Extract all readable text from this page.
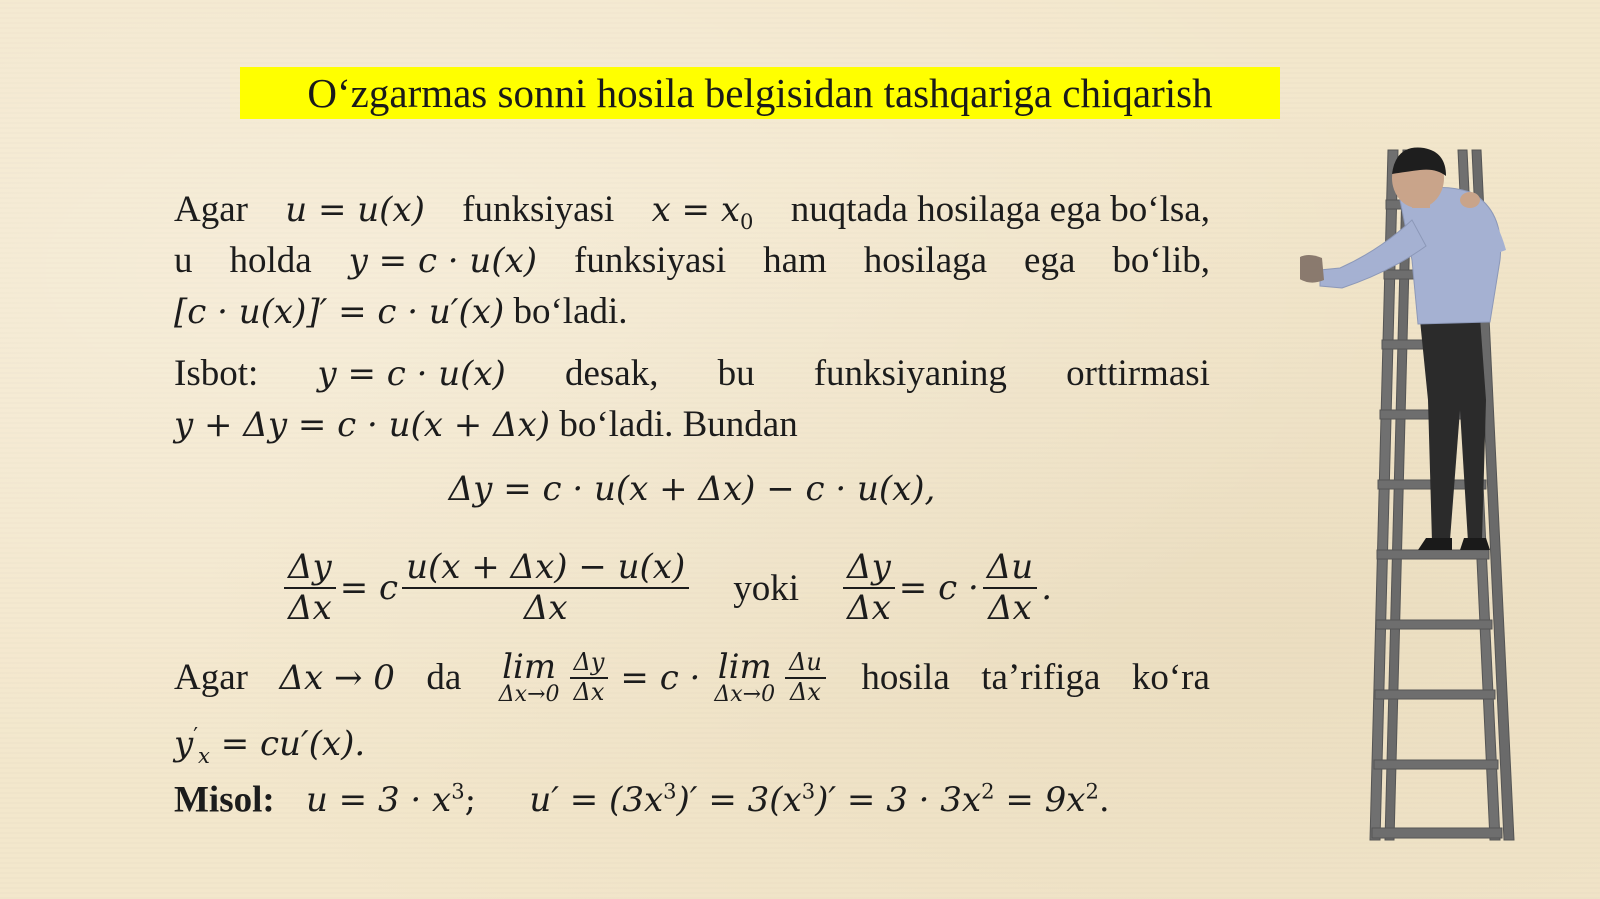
O‘zgarmas sonni hosila belgisidan tashqariga chiqarish
Agar u = u(x) funksiyasi $x = x_0$ nuqtada hosilaga ega bo‘lsa,
u holda y = c · u(x) funksiyasi ham hosilaga ega bo‘lib,
[c · u(x)]′ = c · u′(x) bo‘ladi.
Isbot: y = c · u(x) desak, bu funksiyaning orttirmasi
y + Δy = c · u(x + Δx) bo‘ladi. Bundan
Δy = c · u(x + Δx) − c · u(x),
$\frac{\Delta y}{\Delta x} = c \frac{u(x + \Delta x) - u(x)}{\Delta x}$ yoki $\frac{\Delta y}{\Delta x} = c \cdot \frac{\Delta u}{\Delta x}$ .
Agar Δx → 0 da lim
$\Delta x\to 0 \frac{\Delta y}{\Delta x} = c \cdot \lim$
$\Delta x\to 0 \frac{\Delta u}{\Delta x}$ hosila ta’rifiga ko‘ra
$y'_x = cu'(x)$.
Misol: $u = 3 \cdot x^3$; $u' = (3x^3)' = 3(x^3)' = 3 \cdot 3x^2 = 9x^2$.
